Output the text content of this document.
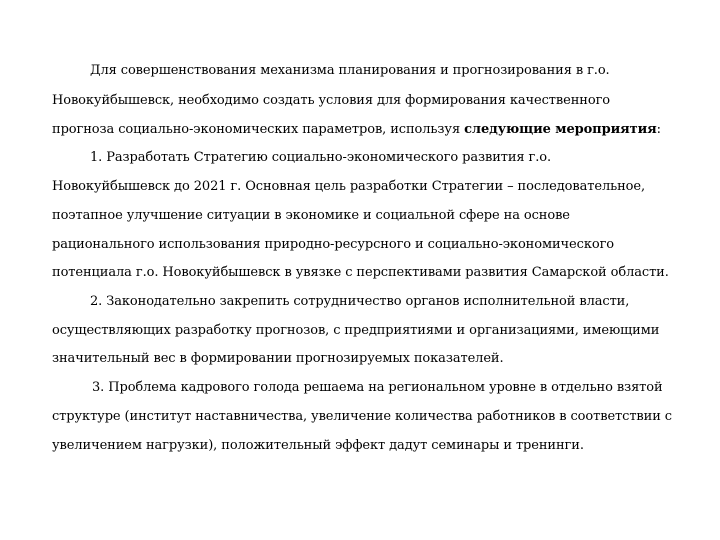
Для совершенствования механизма планирования и прогнозирования в г.о.
Новокуйбышевск, необходимо создать условия для формирования качественного
прогноза социально-экономических параметров, используя следующие мероприятия:
1. Разработать Стратегию социально-экономического развития г.о.
Новокуйбышевск до 2021 г. Основная цель разработки Стратегии – последовательное,
поэтапное улучшение ситуации в экономике и социальной сфере на основе
рационального использования природно-ресурсного и социально-экономического
потенциала г.о. Новокуйбышевск в увязке с перспективами развития Самарской области.
2. Законодательно закрепить сотрудничество органов исполнительной власти,
осуществляющих разработку прогнозов, с предприятиями и организациями, имеющими
значительный вес в формировании прогнозируемых показателей.
3. Проблема кадрового голода решаема на региональном уровне в отдельно взятой
структуре (институт наставничества, увеличение количества работников в соответствии с
увеличением нагрузки), положительный эффект дадут семинары и тренинги.
